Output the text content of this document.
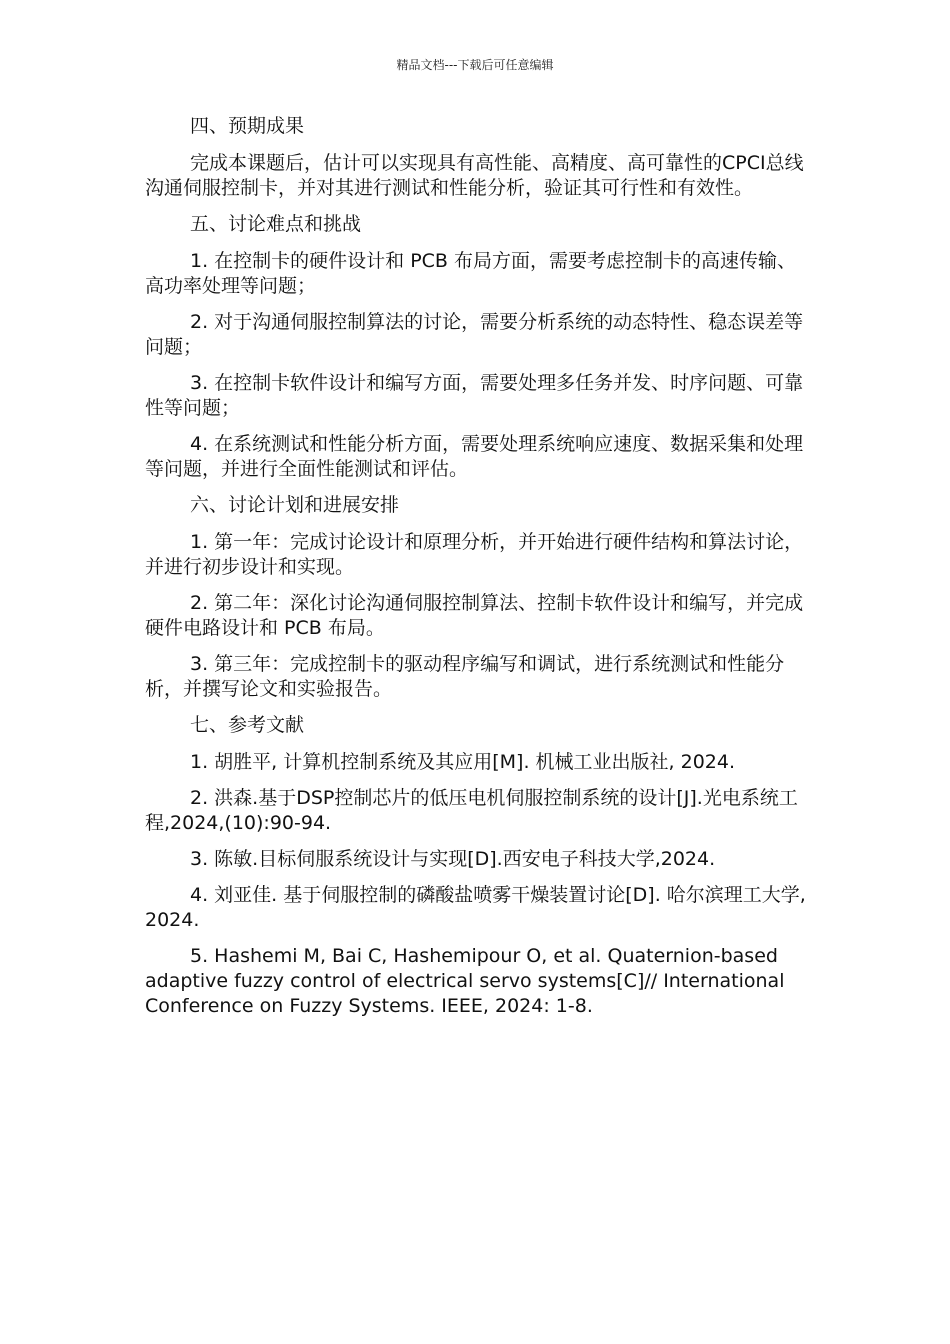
精品文档---下载后可任意编辑

四、预期成果

完成本课题后，估计可以实现具有高性能、高精度、高可靠性的CPCI总线沟通伺服控制卡，并对其进行测试和性能分析，验证其可行性和有效性。

五、讨论难点和挑战

1. 在控制卡的硬件设计和 PCB 布局方面，需要考虑控制卡的高速传输、高功率处理等问题；

2. 对于沟通伺服控制算法的讨论，需要分析系统的动态特性、稳态误差等问题；

3. 在控制卡软件设计和编写方面，需要处理多任务并发、时序问题、可靠性等问题；

4. 在系统测试和性能分析方面，需要处理系统响应速度、数据采集和处理等问题，并进行全面性能测试和评估。

六、讨论计划和进展安排

1. 第一年：完成讨论设计和原理分析，并开始进行硬件结构和算法讨论，并进行初步设计和实现。

2. 第二年：深化讨论沟通伺服控制算法、控制卡软件设计和编写，并完成硬件电路设计和 PCB 布局。

3. 第三年：完成控制卡的驱动程序编写和调试，进行系统测试和性能分析，并撰写论文和实验报告。

七、参考文献

1. 胡胜平, 计算机控制系统及其应用[M]. 机械工业出版社, 2024.

2. 洪森.基于DSP控制芯片的低压电机伺服控制系统的设计[J].光电系统工程,2024,(10):90-94.

3. 陈敏.目标伺服系统设计与实现[D].西安电子科技大学,2024.

4. 刘亚佳. 基于伺服控制的磷酸盐喷雾干燥装置讨论[D]. 哈尔滨理工大学, 2024.

5. Hashemi M, Bai C, Hashemipour O, et al. Quaternion-based adaptive fuzzy control of electrical servo systems[C]// International Conference on Fuzzy Systems. IEEE, 2024: 1-8.
